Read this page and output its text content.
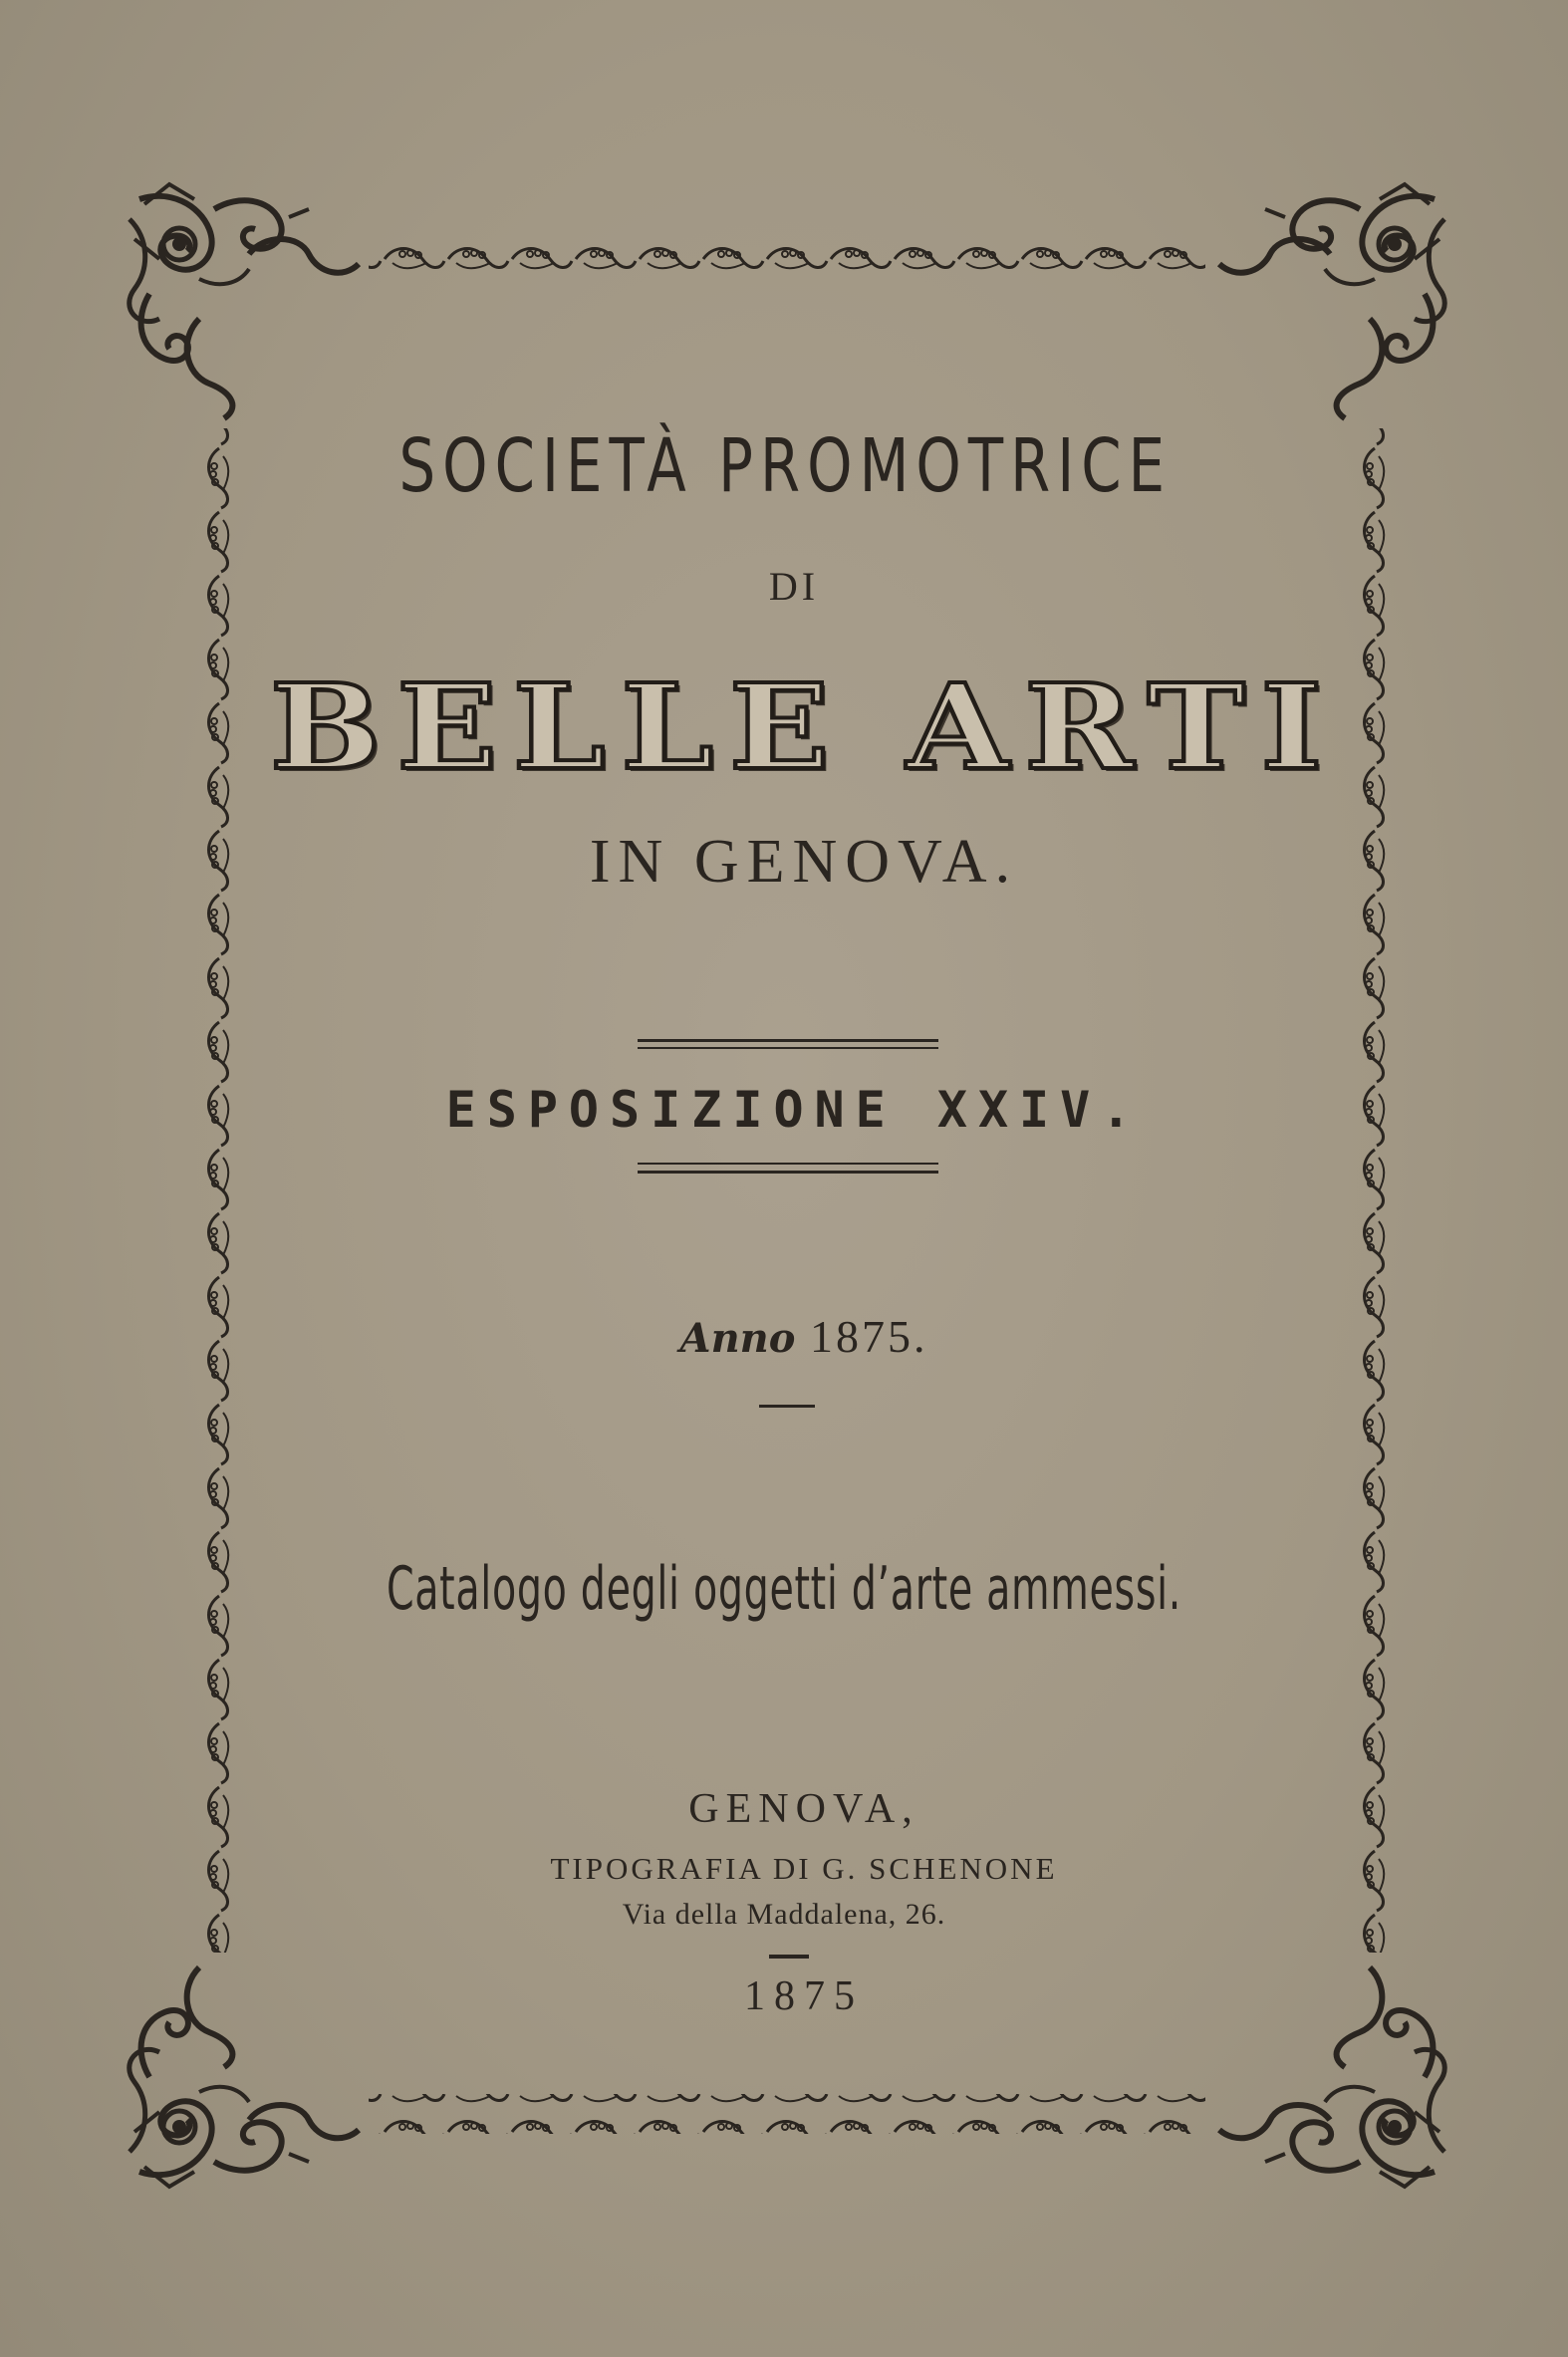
SOCIETÀ PROMOTRICE
DI
BELLE ARTI
IN GENOVA.
ESPOSIZIONE XXIV.
Anno 1875.
Catalogo degli oggetti d’arte ammessi.
GENOVA,
TIPOGRAFIA DI G. SCHENONE
Via della Maddalena, 26.
1875
